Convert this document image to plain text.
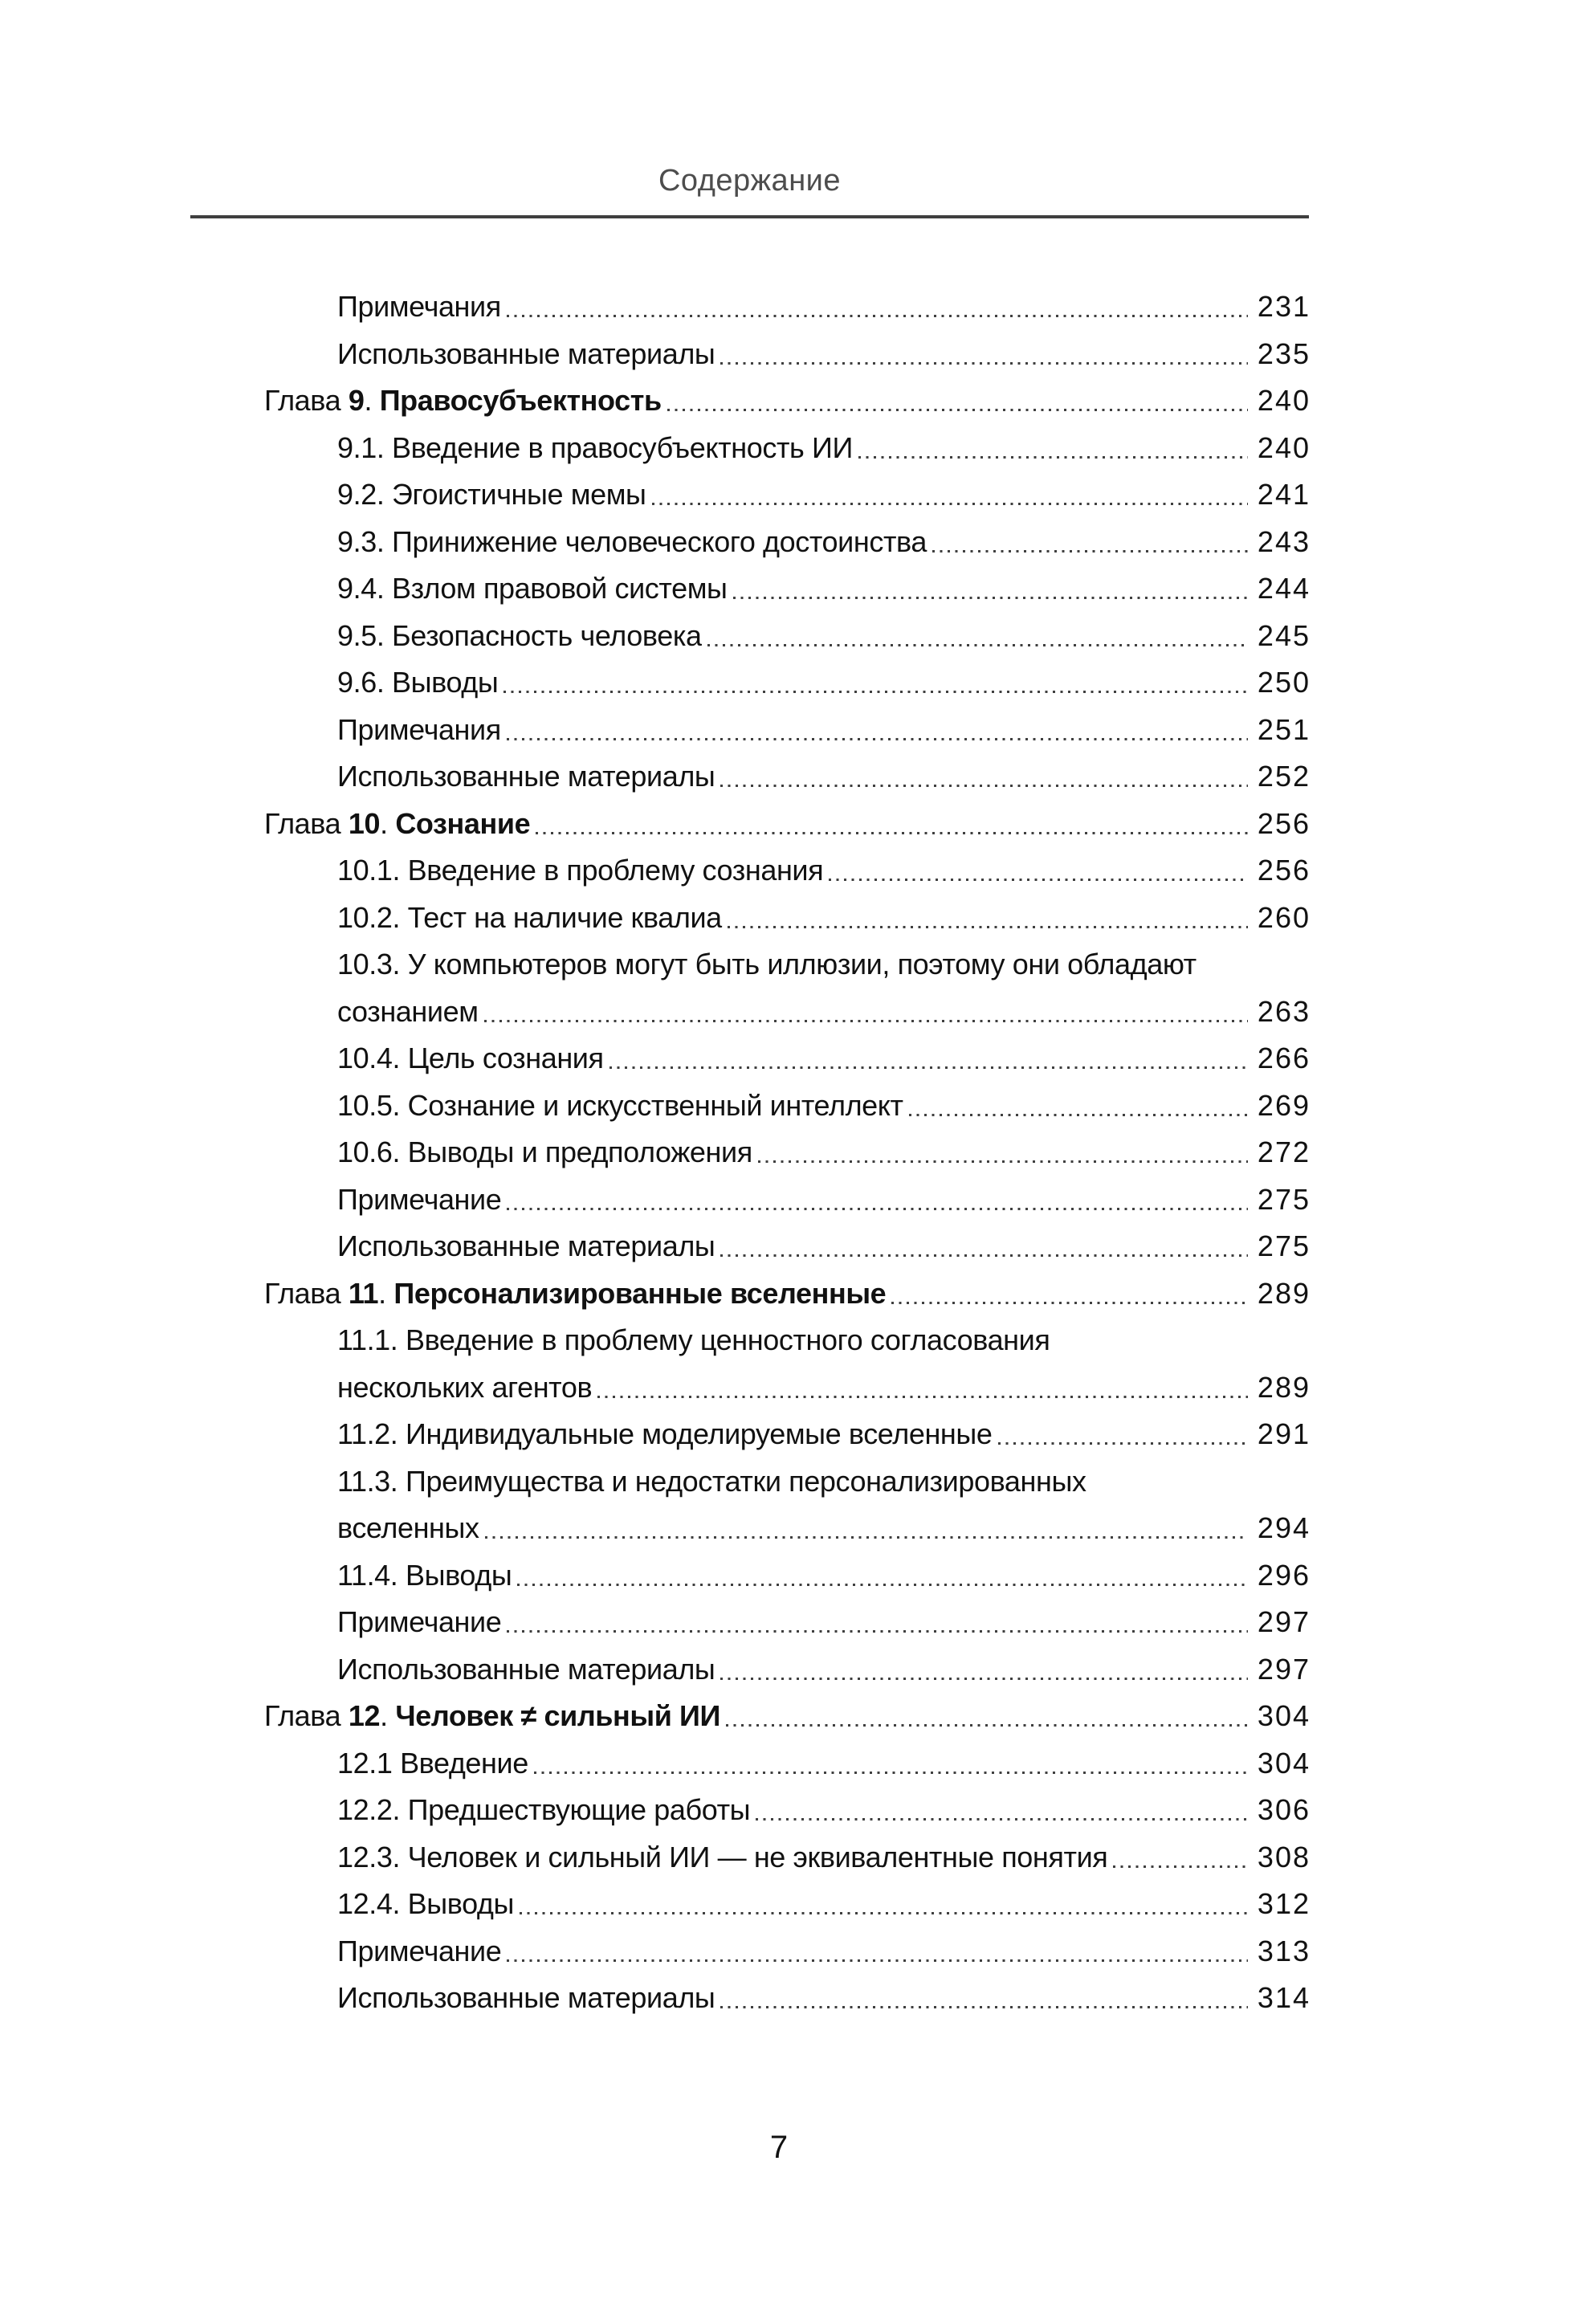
Содержание
Примечания	231
Использованные материалы	235
Глава 9. Правосубъектность	240
9.1. Введение в правосубъектность ИИ	240
9.2. Эгоистичные мемы	241
9.3. Принижение человеческого достоинства	243
9.4. Взлом правовой системы	244
9.5. Безопасность человека	245
9.6. Выводы	250
Примечания	251
Использованные материалы	252
Глава 10. Сознание	256
10.1. Введение в проблему сознания	256
10.2. Тест на наличие квалиа	260
10.3. У компьютеров могут быть иллюзии, поэтому они обладают
сознанием	263
10.4. Цель сознания	266
10.5. Сознание и искусственный интеллект	269
10.6. Выводы и предположения	272
Примечание	275
Использованные материалы	275
Глава 11. Персонализированные вселенные	289
11.1. Введение в проблему ценностного согласования
нескольких агентов	289
11.2. Индивидуальные моделируемые вселенные	291
11.3. Преимущества и недостатки персонализированных
вселенных	294
11.4. Выводы	296
Примечание	297
Использованные материалы	297
Глава 12. Человек ≠ сильный ИИ	304
12.1 Введение	304
12.2. Предшествующие работы	306
12.3. Человек и сильный ИИ — не эквивалентные понятия	308
12.4. Выводы	312
Примечание	313
Использованные материалы	314
7
